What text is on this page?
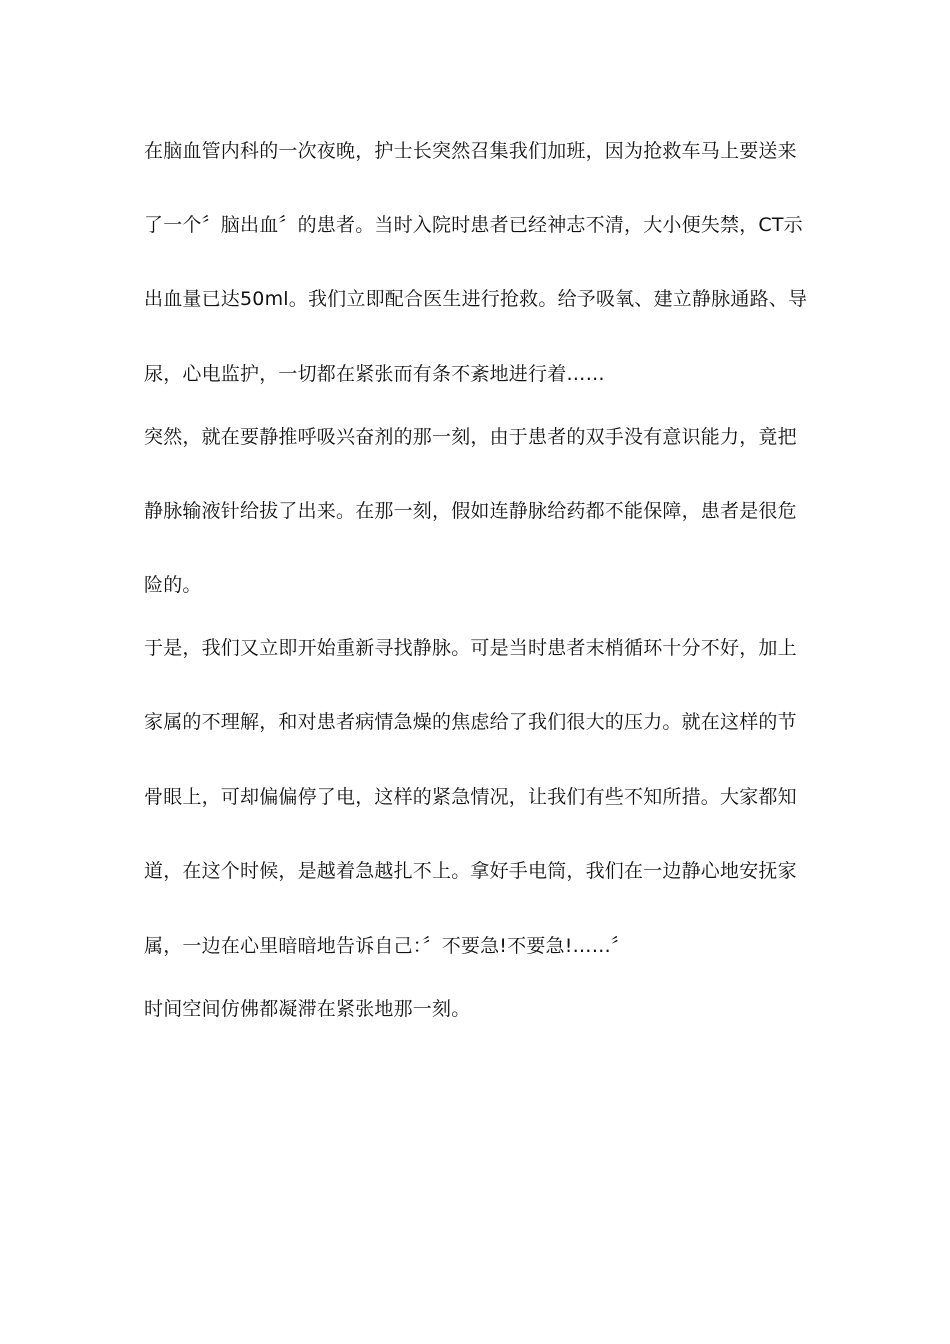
在脑血管内科的一次夜晚，护士长突然召集我们加班，因为抢救车马上要送来
了一个〞脑出血〞的患者。当时入院时患者已经神志不清，大小便失禁，CT示
出血量已达50ml。我们立即配合医生进行抢救。给予吸氧、建立静脉通路、导
尿，心电监护，一切都在紧张而有条不紊地进行着……
突然，就在要静推呼吸兴奋剂的那一刻，由于患者的双手没有意识能力，竟把
静脉输液针给拔了出来。在那一刻，假如连静脉给药都不能保障，患者是很危
险的。
于是，我们又立即开始重新寻找静脉。可是当时患者末梢循环十分不好，加上
家属的不理解，和对患者病情急燥的焦虑给了我们很大的压力。就在这样的节
骨眼上，可却偏偏停了电，这样的紧急情况，让我们有些不知所措。大家都知
道，在这个时候，是越着急越扎不上。拿好手电筒，我们在一边静心地安抚家
属，一边在心里暗暗地告诉自己：〞不要急!不要急!……〞
时间空间仿佛都凝滞在紧张地那一刻。
